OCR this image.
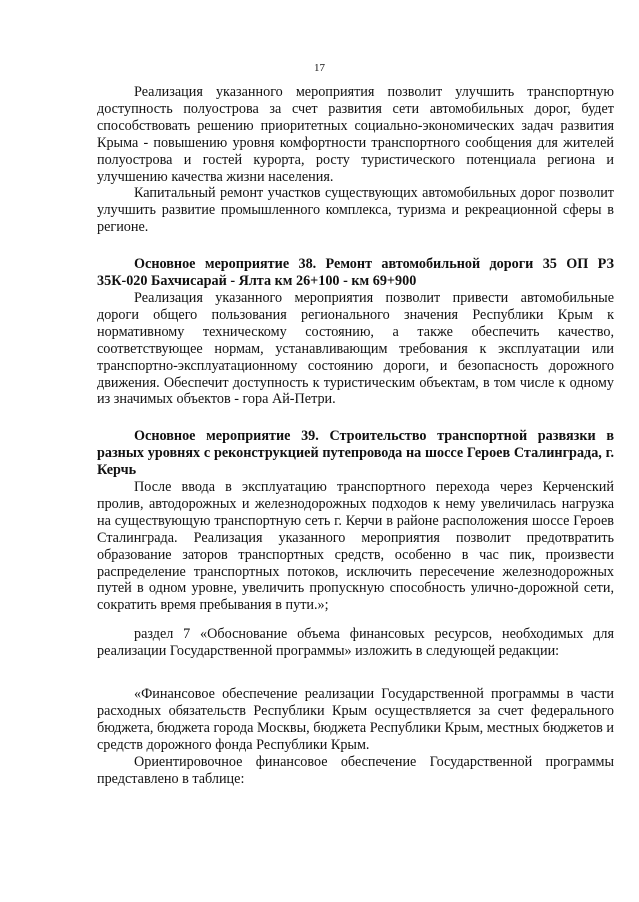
17

Реализация указанного мероприятия позволит улучшить транспортную доступность полуострова за счет развития сети автомобильных дорог, будет способствовать решению приоритетных социально-экономических задач развития Крыма - повышению уровня комфортности транспортного сообщения для жителей полуострова и гостей курорта, росту туристического потенциала региона и улучшению качества жизни населения.

Капитальный ремонт участков существующих автомобильных дорог позволит улучшить развитие промышленного комплекса, туризма и рекреационной сферы в регионе.

Основное мероприятие 38. Ремонт автомобильной дороги 35 ОП РЗ 35К-020 Бахчисарай - Ялта км 26+100 - км 69+900

Реализация указанного мероприятия позволит привести автомобильные дороги общего пользования регионального значения Республики Крым к нормативному техническому состоянию, а также обеспечить качество, соответствующее нормам, устанавливающим требования к эксплуатации или транспортно-эксплуатационному состоянию дороги, и безопасность дорожного движения. Обеспечит доступность к туристическим объектам, в том числе к одному из значимых объектов - гора Ай-Петри.

Основное мероприятие 39. Строительство транспортной развязки в разных уровнях с реконструкцией путепровода на шоссе Героев Сталинграда, г. Керчь

После ввода в эксплуатацию транспортного перехода через Керченский пролив, автодорожных и железнодорожных подходов к нему увеличилась нагрузка на существующую транспортную сеть г. Керчи в районе расположения шоссе Героев Сталинграда. Реализация указанного мероприятия позволит предотвратить образование заторов транспортных средств, особенно в час пик, произвести распределение транспортных потоков, исключить пересечение железнодорожных путей в одном уровне, увеличить пропускную способность улично-дорожной сети, сократить время пребывания в пути.»;

раздел 7 «Обоснование объема финансовых ресурсов, необходимых для реализации Государственной программы» изложить в следующей редакции:

«Финансовое обеспечение реализации Государственной программы в части расходных обязательств Республики Крым осуществляется за счет федерального бюджета, бюджета города Москвы, бюджета Республики Крым, местных бюджетов и средств дорожного фонда Республики Крым.

Ориентировочное финансовое обеспечение Государственной программы представлено в таблице:
